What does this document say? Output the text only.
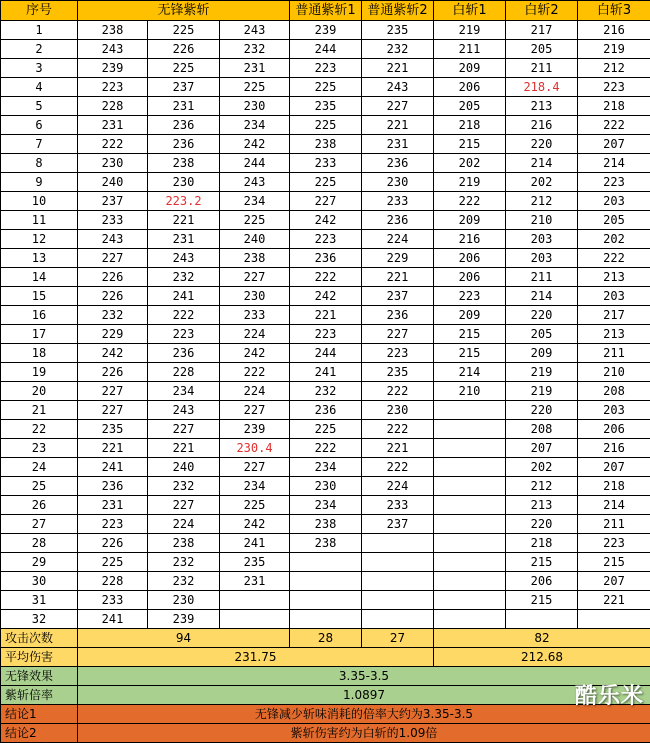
序号	无锋紫斩			普通紫斩1	普通紫斩2	白斩1	白斩2	白斩3
1	238	225	243	239	235	219	217	216
2	243	226	232	244	232	211	205	219
3	239	225	231	223	221	209	211	212
4	223	237	225	225	243	206	218.4	223
5	228	231	230	235	227	205	213	218
6	231	236	234	225	221	218	216	222
7	222	236	242	238	231	215	220	207
8	230	238	244	233	236	202	214	214
9	240	230	243	225	230	219	202	223
10	237	223.2	234	227	233	222	212	203
11	233	221	225	242	236	209	210	205
12	243	231	240	223	224	216	203	202
13	227	243	238	236	229	206	203	222
14	226	232	227	222	221	206	211	213
15	226	241	230	242	237	223	214	203
16	232	222	233	221	236	209	220	217
17	229	223	224	223	227	215	205	213
18	242	236	242	244	223	215	209	211
19	226	228	222	241	235	214	219	210
20	227	234	224	232	222	210	219	208
21	227	243	227	236	230		220	203
22	235	227	239	225	222		208	206
23	221	221	230.4	222	221		207	216
24	241	240	227	234	222		202	207
25	236	232	234	230	224		212	218
26	231	227	225	234	233		213	214
27	223	224	242	238	237		220	211
28	226	238	241	238			218	223
29	225	232	235				215	215
30	228	232	231				206	207
31	233	230					215	221
32	241	239						
攻击次数	94			28	27	82		
平均伤害	231.75					212.68		
无锋效果	3.35-3.5							
紫斩倍率	1.0897							
结论1	无锋减少斩味消耗的倍率大约为3.35-3.5							
结论2	紫斩伤害约为白斩的1.09倍							
酷乐米
